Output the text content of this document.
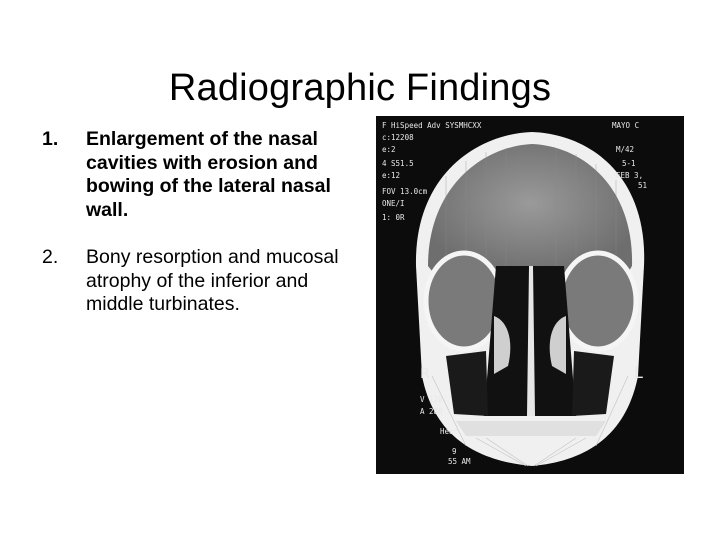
Radiographic Findings
1.	Enlargement of the nasal cavities with erosion and bowing of the lateral nasal wall.
2.	Bony resorption and mucosal atrophy of the inferior and middle turbinates.
F HiSpeed Adv SYSMHCXX
c:12208
e:2
4 S51.5
e:12
FOV 13.0cm
ONE/I
1: 0R
MAYO C
M/42
5-1
FEB 3,
51
L
R
V 120
A 280
Head
9
55 AM
